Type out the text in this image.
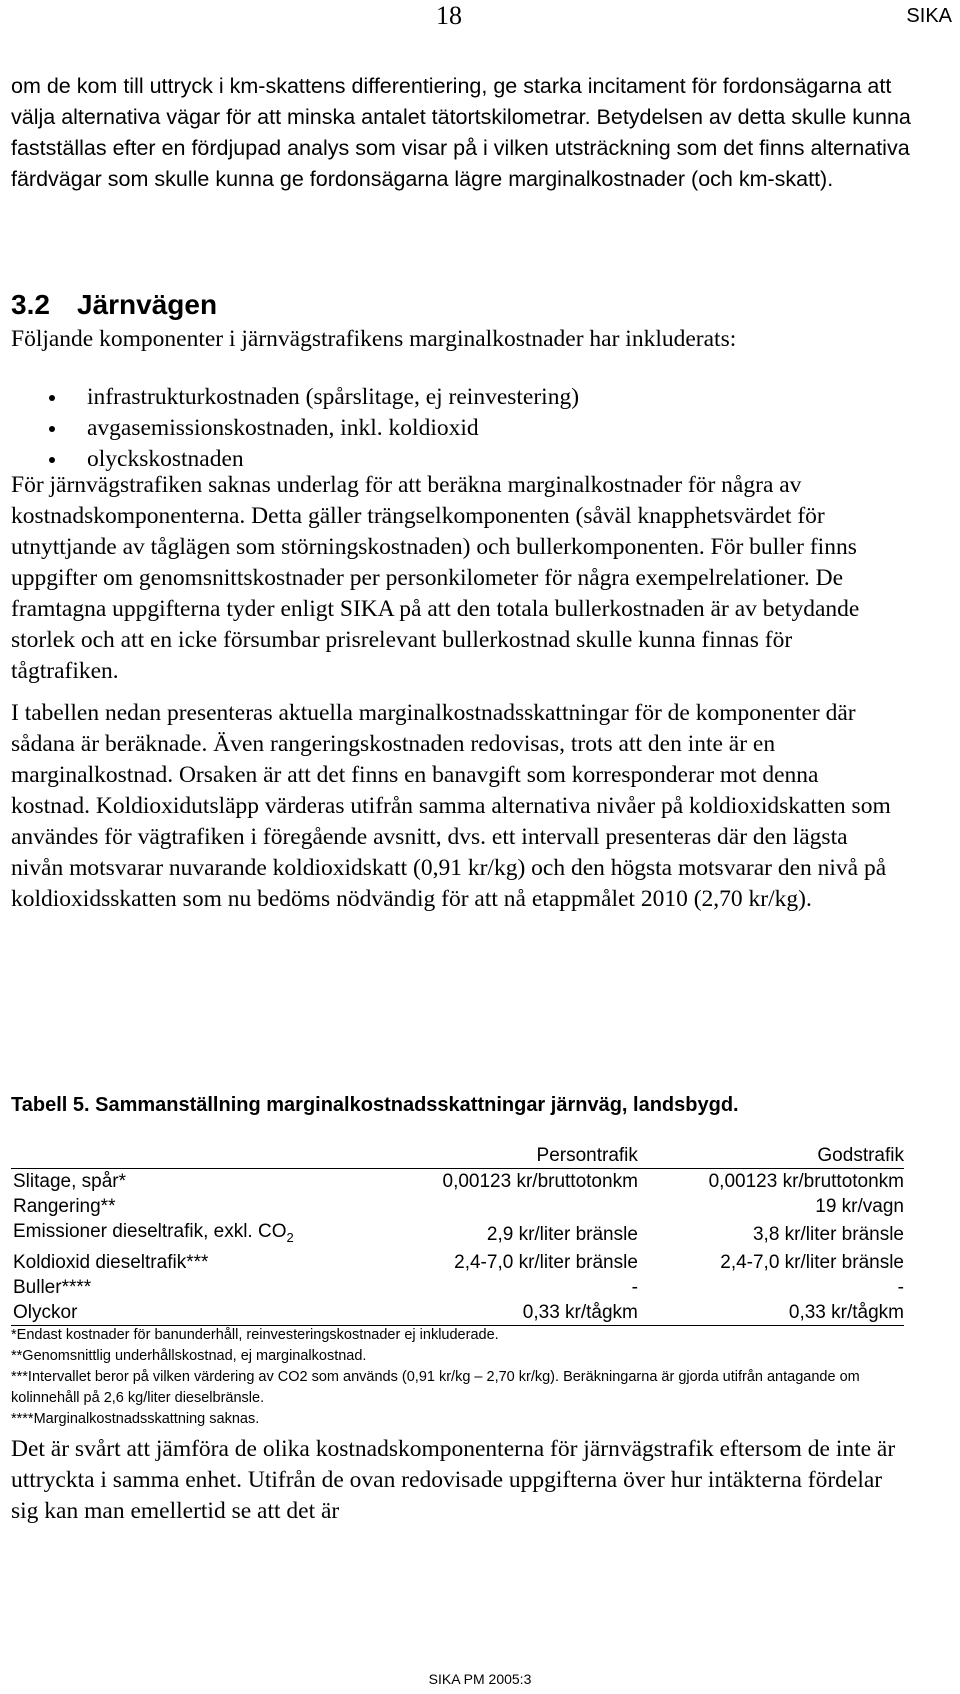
18	SIKA

om de kom till uttryck i km-skattens differentiering, ge starka incitament för fordonsägarna att välja alternativa vägar för att minska antalet tätortskilometrar. Betydelsen av detta skulle kunna fastställas efter en fördjupad analys som visar på i vilken utsträckning som det finns alternativa färdvägar som skulle kunna ge fordonsägarna lägre marginalkostnader (och km-skatt).

3.2 Järnvägen

Följande komponenter i järnvägstrafikens marginalkostnader har inkluderats:

infrastrukturkostnaden (spårslitage, ej reinvestering)
avgasemissionskostnaden, inkl. koldioxid
olyckskostnaden

För järnvägstrafiken saknas underlag för att beräkna marginalkostnader för några av kostnadskomponenterna. Detta gäller trängselkomponenten (såväl knapphetsvärdet för utnyttjande av tåglägen som störningskostnaden) och bullerkomponenten. För buller finns uppgifter om genomsnittskostnader per personkilometer för några exempelrelationer. De framtagna uppgifterna tyder enligt SIKA på att den totala bullerkostnaden är av betydande storlek och att en icke försumbar prisrelevant bullerkostnad skulle kunna finnas för tågtrafiken.

I tabellen nedan presenteras aktuella marginalkostnadsskattningar för de komponenter där sådana är beräknade. Även rangeringskostnaden redovisas, trots att den inte är en marginalkostnad. Orsaken är att det finns en banavgift som korresponderar mot denna kostnad. Koldioxidutsläpp värderas utifrån samma alternativa nivåer på koldioxidskatten som användes för vägtrafiken i föregående avsnitt, dvs. ett intervall presenteras där den lägsta nivån motsvarar nuvarande koldioxidskatt (0,91 kr/kg) och den högsta motsvarar den nivå på koldioxidsskatten som nu bedöms nödvändig för att nå etappmålet 2010 (2,70 kr/kg).

Tabell 5. Sammanställning marginalkostnadsskattningar järnväg, landsbygd.

	Persontrafik	Godstrafik
Slitage, spår*	0,00123 kr/bruttotonkm	0,00123 kr/bruttotonkm
Rangering**		19 kr/vagn
Emissioner dieseltrafik, exkl. $CO_2$	2,9 kr/liter bränsle	3,8 kr/liter bränsle
Koldioxid dieseltrafik***	2,4-7,0 kr/liter bränsle	2,4-7,0 kr/liter bränsle
Buller****	-	-
Olyckor	0,33 kr/tågkm	0,33 kr/tågkm

*Endast kostnader för banunderhåll, reinvesteringskostnader ej inkluderade.

**Genomsnittlig underhållskostnad, ej marginalkostnad.

***Intervallet beror på vilken värdering av CO2 som används (0,91 kr/kg – 2,70 kr/kg). Beräkningarna är gjorda utifrån antagande om kolinnehåll på 2,6 kg/liter dieselbränsle.

****Marginalkostnadsskattning saknas.

Det är svårt att jämföra de olika kostnadskomponenterna för järnvägstrafik eftersom de inte är uttryckta i samma enhet. Utifrån de ovan redovisade uppgifterna över hur intäkterna fördelar sig kan man emellertid se att det är

SIKA PM 2005:3
